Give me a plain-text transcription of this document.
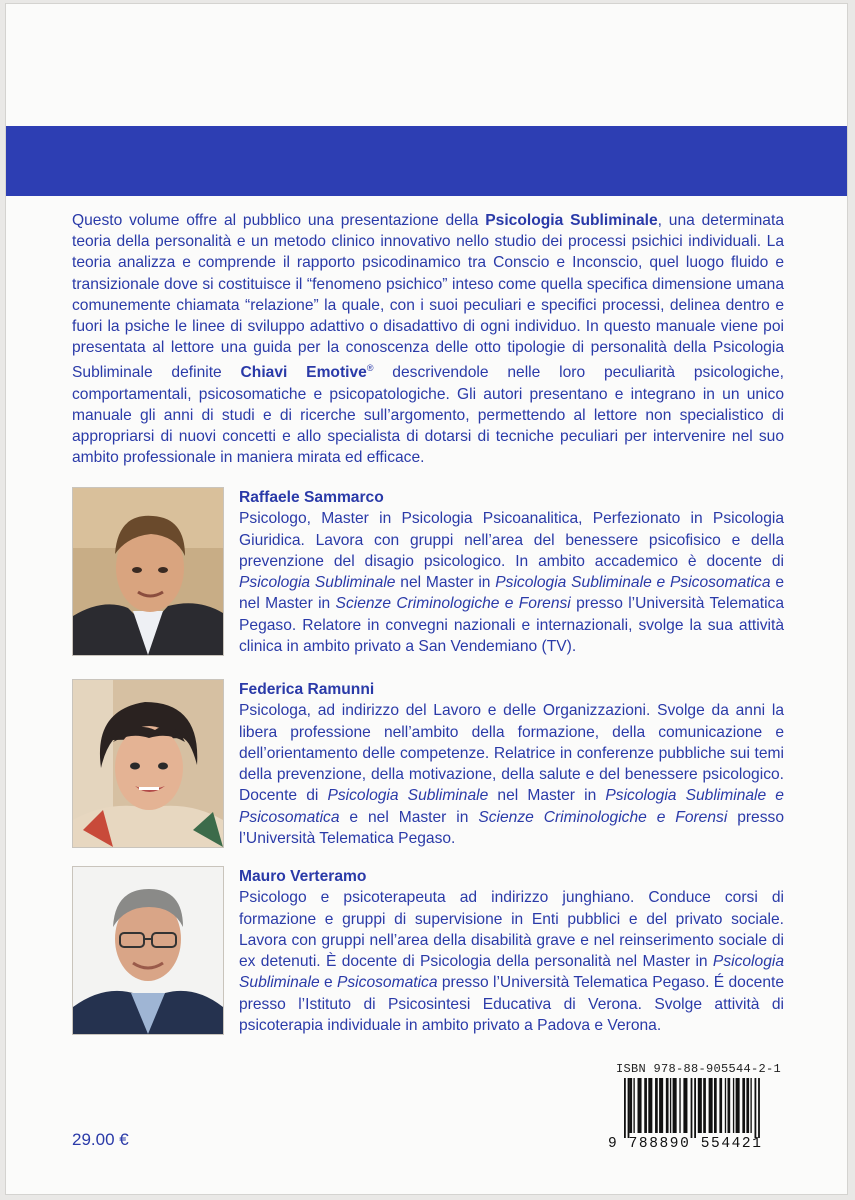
Questo volume offre al pubblico una presentazione della Psicologia Subliminale, una determinata teoria della personalità e un metodo clinico innovativo nello studio dei processi psichici individuali. La teoria analizza e comprende il rapporto psicodinamico tra Conscio e Inconscio, quel luogo fluido e transizionale dove si costituisce il “fenomeno psichico” inteso come quella specifica dimensione umana comunemente chiamata “relazione” la quale, con i suoi peculiari e specifici processi, delinea dentro e fuori la psiche le linee di sviluppo adattivo o disadattivo di ogni individuo. In questo manuale viene poi presentata al lettore una guida per la conoscenza delle otto tipologie di personalità della Psicologia Subliminale definite Chiavi Emotive® descrivendole nelle loro peculiarità psicologiche, comportamentali, psicosomatiche e psicopatologiche. Gli autori presentano e integrano in un unico manuale gli anni di studi e di ricerche sull’argomento, permettendo al lettore non specialistico di appropriarsi di nuovi concetti e allo specialista di dotarsi di tecniche peculiari per intervenire nel suo ambito professionale in maniera mirata ed efficace.
Raffaele Sammarco
Psicologo, Master in Psicologia Psicoanalitica, Perfezionato in Psicologia Giuridica. Lavora con gruppi nell’area del benessere psicofisico e della prevenzione del disagio psicologico. In ambito accademico è docente di Psicologia Subliminale nel Master in Psicologia Subliminale e Psicosomatica e nel Master in Scienze Criminologiche e Forensi presso l’Università Telematica Pegaso. Relatore in convegni nazionali e internazionali, svolge la sua attività clinica in ambito privato a San Vendemiano (TV).
Federica Ramunni
Psicologa, ad indirizzo del Lavoro e delle Organizzazioni. Svolge da anni la libera professione nell’ambito della formazione, della comunicazione e dell’orientamento delle competenze. Relatrice in conferenze pubbliche sui temi della prevenzione, della motivazione, della salute e del benessere psicologico. Docente di Psicologia Subliminale nel Master in Psicologia Subliminale e Psicosomatica e nel Master in Scienze Criminologiche e Forensi presso l’Università Telematica Pegaso.
Mauro Verteramo
Psicologo e psicoterapeuta ad indirizzo junghiano. Conduce corsi di formazione e gruppi di supervisione in Enti pubblici e del privato sociale. Lavora con gruppi nell’area della disabilità grave e nel reinserimento sociale di ex detenuti. È docente di Psicologia della personalità nel Master in Psicologia Subliminale e Psicosomatica presso l’Università Telematica Pegaso. É docente presso l’Istituto di Psicosintesi Educativa di Verona. Svolge attività di psicoterapia individuale in ambito privato a Padova e Verona.
29.00 €
ISBN 978-88-905544-2-1
9 788890 554421
